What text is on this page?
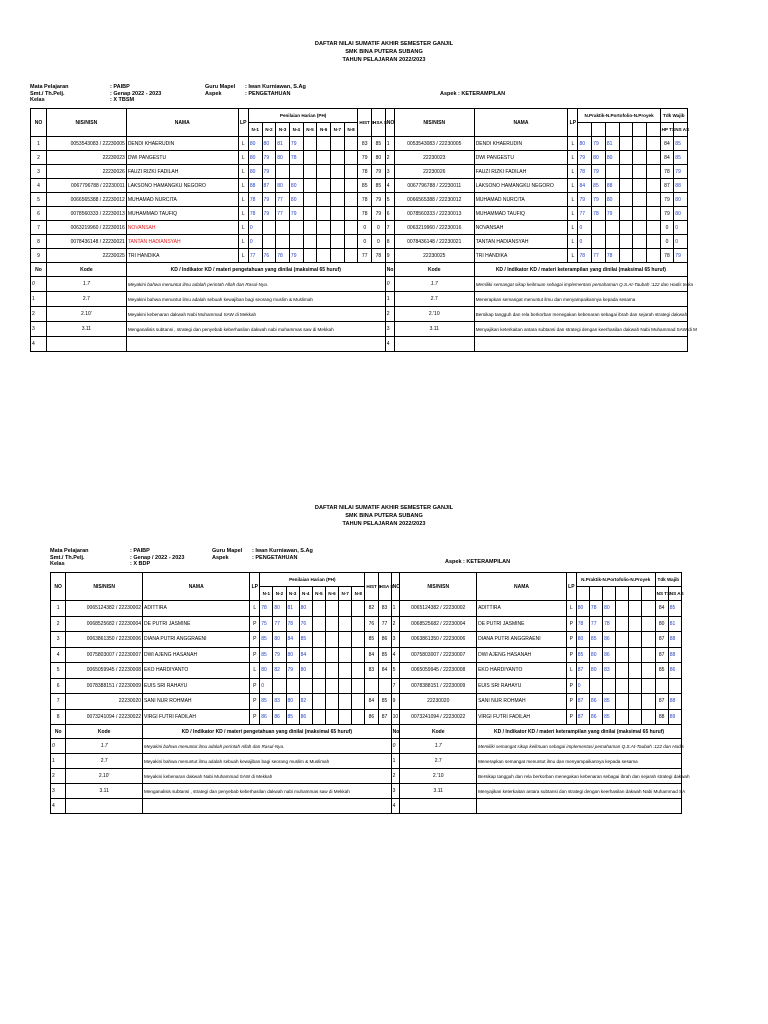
DAFTAR NILAI SUMATIF AKHIR SEMESTER GANJIL
SMK BINA PUTERA SUBANG
TAHUN PELAJARAN 2022/2023
Mata Pelajaran	: PAIBP
Smt./ Th.Pelj.	: Genap 2022 - 2023
Kelas	: X TBSM
Guru Mapel : Iwan Kurniawan, S.Ag
Aspek	: PENGETAHUAN	Aspek : KETERAMPILAN
NO	NIS/NISN	NAMA	LP	Penilaian Harian (PH)								HIST S	HSA S	NO	NIS/NISN	NAMA	LP	N.Praktik-N.Portofolio-N.Proyek						Tdk Wajib	
				N-1	N-2	N-3	N-4	N-5	N-6	N-7	N-8													HP TS	NS AS
1	0053543083 / 22230005	DENDI KHAERUDIN	L	80	80	81	79					83	85	1	0053543083 / 22230005	DENDI KHAERUDIN	L	80	79	81				84	85
2	22230023	DWI PANGESTU	L	80	79	80	78					79	80	2	22230023	DWI PANGESTU	L	79	80	80				84	85
3	22230026	FAUZI RIZKI FADILAH	L	80	79							78	79	3	22230026	FAUZI RIZKI FADILAH	L	78	79					78	79
4	0067796788 / 22230011	LAKSONO HAMANGKU NEGORO	L	88	87	80	80					85	85	4	0067796788 / 22230011	LAKSONO HAMANGKU NEGORO	L	84	85	88				87	88
5	0066565388 / 22230012	MUHAMAD NURCITA	L	78	79	77	80					78	79	5	0066565388 / 22230012	MUHAMAD NURCITA	L	79	79	80				79	80
6	0078560333 / 22230013	MUHAMMAD TAUFIQ	L	78	79	77	79					78	79	6	0078560333 / 22230013	MUHAMMAD TAUFIQ	L	77	78	79				79	80
7	0063219960 / 22230016	NOVANSAH	L	0								0	0	7	0063219960 / 22230016	NOVANSAH	L	0						0	0
8	0078436148 / 22230021	TANTAN HADIANSYAH	L	0								0	0	8	0078436148 / 22230021	TANTAN HADIANSYAH	L	0						0	0
9	22230025	TRI HANDIKA	L	77	76	78	79					77	78	9	22230025	TRI HANDIKA	L	78	77	78				78	79
No	Kode	KD / Indikator KD / materi pengetahuan yang dinilai (maksimal 65 huruf)												No	Kode	KD / Indikator KD / materi keterampilan yang dinilai (maksimal 65 huruf)									
0	1.7	Meyakini bahwa menuntut ilmu adalah perintah Allah dan Rasul-Nya.												0	1.7	Memiliki semangat sikap keilmuan sebagai implementasi pemahaman Q.S.At-Taubah :122 dan Hadis terka									
1	2.7	Meyakini bahwa menuntut ilmu adalah sebuah kewajiban bagi seorang muslim & Muslimah												1	2.7	Menerapkan semangat menuntut ilmu dan menyampaikannya kepada sesama									
2	2.10'	Meyakini kebenaran dakwah Nabi Muhammad SAW di Mekkah												2	2.'10	Bersikap tangguh dan rela berkorban menegakan kebenaran sebagai ibrah dan sejarah strategi dakwah									
3	3.11	Menganalisis subtansi , strategi dan penyebab keberhasilan dakwah nabi muhammas saw di Mekkah												3	3.11	Menyajikan keterkaitan antara subtansi dan strategi dengan keerhasilan dakwah Nabi Muhammad SAW di M									
4														4											
DAFTAR NILAI SUMATIF AKHIR SEMESTER GANJIL
SMK BINA PUTERA SUBANG
TAHUN PELAJARAN 2022/2023
Mata Pelajaran	: PAIBP
Smt./ Th.Pelj.	: Genap / 2022 - 2023
Kelas	: X BDP
Guru Mapel : Iwan Kurniawan, S.Ag
Aspek	: PENGETAHUAN
Aspek : KETERAMPILAN
NO	NIS/NISN	NAMA	LP	Penilaian Harian (PH)								HIST S	HSA S	NO	NIS/NISN	NAMA	LP	N.Praktik-N.Portofolio-N.Proyek						Tdk Wajib	
				N-1	N-2	N-3	N-4	N-5	N-6	N-7	N-8													NS TS	NS AS
1	0065124382 / 22230002	ADITTIRA	L	78	80	81	80					82	83	1	0065124382 / 22230002	ADITTIRA	L	80	78	80				84	85
2	0068525682 / 22230004	DE PUTRI JASMINE	P	75	77	78	76					76	77	2	0068525682 / 22230004	DE PUTRI JASMINE	P	78	77	78				80	81
3	0063861350 / 22230006	DIANA PUTRI ANGGRAENI	P	85	80	84	85					85	86	3	0063861350 / 22230006	DIANA PUTRI ANGGRAENI	P	80	85	86				87	88
4	0075803007 / 22230007	DWI AJENG HASANAH	P	85	79	80	84					84	85	4	0075803007 / 22230007	DWI AJENG HASANAH	P	85	80	86				87	88
5	0065059945 / 22230008	EKO HARDIYANTO	L	80	82	79	80					83	84	5	0065059945 / 22230008	EKO HARDIYANTO	L	87	80	83				85	86
6	0078388151 / 22230009	EUIS SRI RAHAYU	P	0										7	0078388151 / 22230009	EUIS SRI RAHAYU	P	0							
7	22230020	SANI NUR ROHMAH	P	85	83	80	82					84	85	9	22230020	SANI NUR ROHMAH	P	87	86	85				87	88
8	0073241094 / 22230022	VIRGI FUTRI FADILAH	P	86	86	85	86					86	87	10	0073241094 / 22230022	VIRGI FUTRI FADILAH	P	87	86	85				88	89
No	Kode	KD / Indikator KD / materi pengetahuan yang dinilai (maksimal 65 huruf)												No	Kode	KD / Indikator KD / materi keterampilan yang dinilai (maksimal 65 huruf)									
0	1.7	Meyakini bahwa menuntut ilmu adalah perintah Allah dan Rasul-Nya.												0	1.7	Memiliki semangat sikap keilmuan sebagai implementasi pemahaman Q.S.At-Taubah :122 dan Hadis									
1	2.7	Meyakini bahwa menuntut ilmu adalah sebuah kewajiban bagi seorang muslim & Muslimah												1	2.7	Menerapkan semangat menuntut ilmu dan menyampaikannya kepada sesama									
2	2.10'	Meyakini kebenaran dakwah Nabi Muhammad SAW di Mekkah												2	2.'10	Bersikap tangguh dan rela berkorban menegakan kebenaran sebagai ibrah dan sejarah strategi dakwah									
3	3.11	Menganalisis subtansi , strategi dan penyebab keberhasilan dakwah nabi muhammas saw di Mekkah												3	3.11	Menyajikan keterkaitan antara subtansi dan strategi dengan keerhasilan dakwah Nabi Muhammad SA									
4														4											
